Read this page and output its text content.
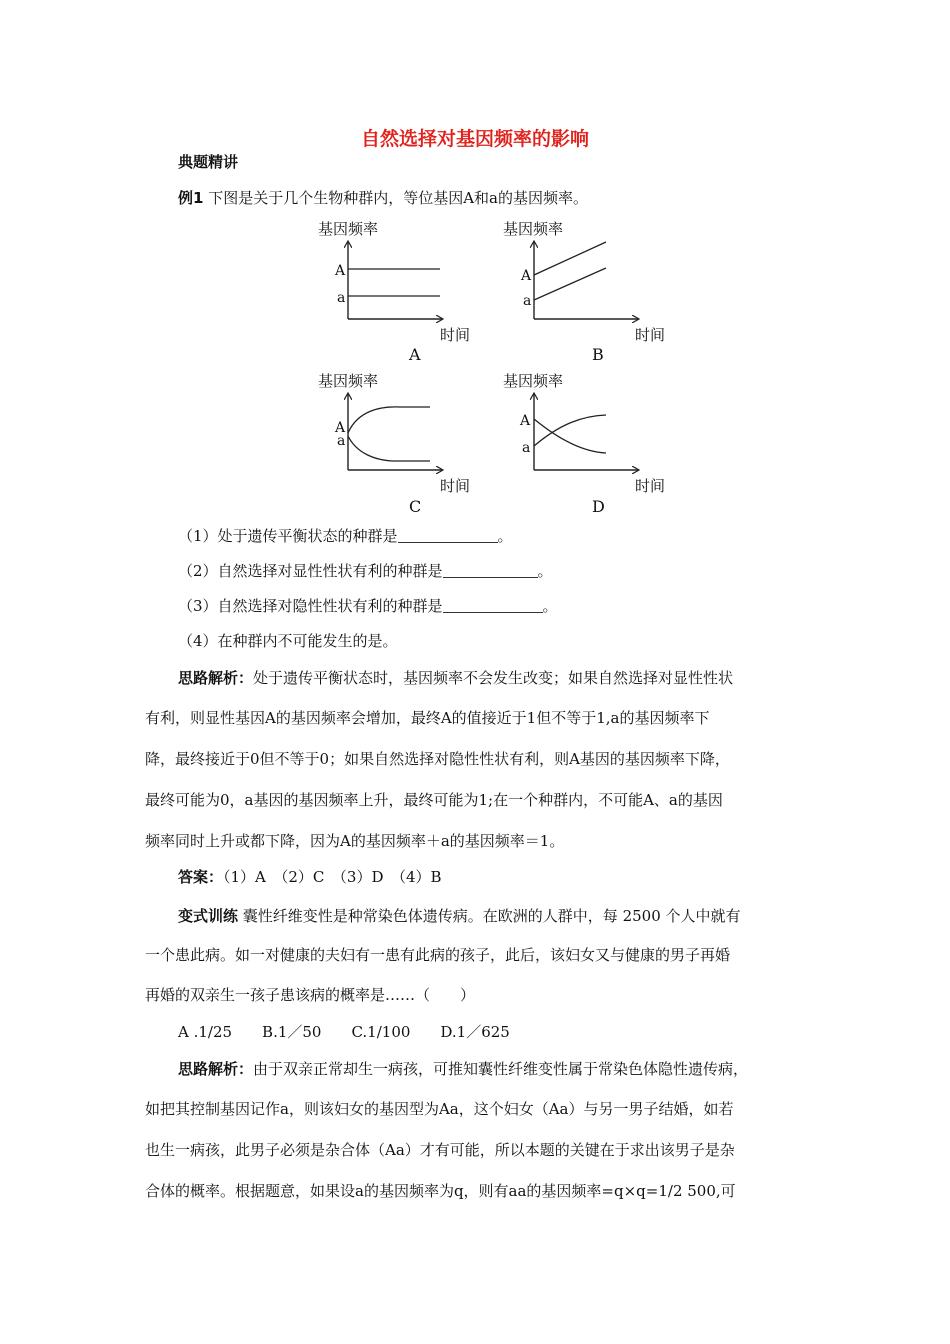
自然选择对基因频率的影响
典题精讲
例1 下图是关于几个生物种群内，等位基因A和a的基因频率。
基因频率
时间
A
a
A
基因频率
时间
A
a
B
基因频率
时间
A
a
C
基因频率
时间
A
a
D
（1）处于遗传平衡状态的种群是	。
（2）自然选择对显性性状有利的种群是	。
（3）自然选择对隐性性状有利的种群是	。
（4）在种群内不可能发生的是。
思路解析：处于遗传平衡状态时，基因频率不会发生改变；如果自然选择对显性性状
有利，则显性基因A的基因频率会增加，最终A的值接近于1但不等于1,a的基因频率下
降，最终接近于0但不等于0；如果自然选择对隐性性状有利，则A基因的基因频率下降，
最终可能为0，a基因的基因频率上升，最终可能为1;在一个种群内，不可能A、a的基因
频率同时上升或都下降，因为A的基因频率＋a的基因频率＝1。
答案：（1）A　（2）C　（3）D　（4）B
变式训练 囊性纤维变性是种常染色体遗传病。在欧洲的人群中，每 2500 个人中就有
一个患此病。如一对健康的夫妇有一患有此病的孩子，此后，该妇女又与健康的男子再婚
再婚的双亲生一孩子患该病的概率是……（　　）
A .1/25　　B.1／50　　C.1/100　　D.1／625
思路解析：由于双亲正常却生一病孩，可推知囊性纤维变性属于常染色体隐性遗传病，
如把其控制基因记作a，则该妇女的基因型为Aa，这个妇女（Aa）与另一男子结婚，如若
也生一病孩，此男子必须是杂合体（Aa）才有可能，所以本题的关键在于求出该男子是杂
合体的概率。根据题意，如果设a的基因频率为q，则有aa的基因频率=q×q=1/2 500,可
